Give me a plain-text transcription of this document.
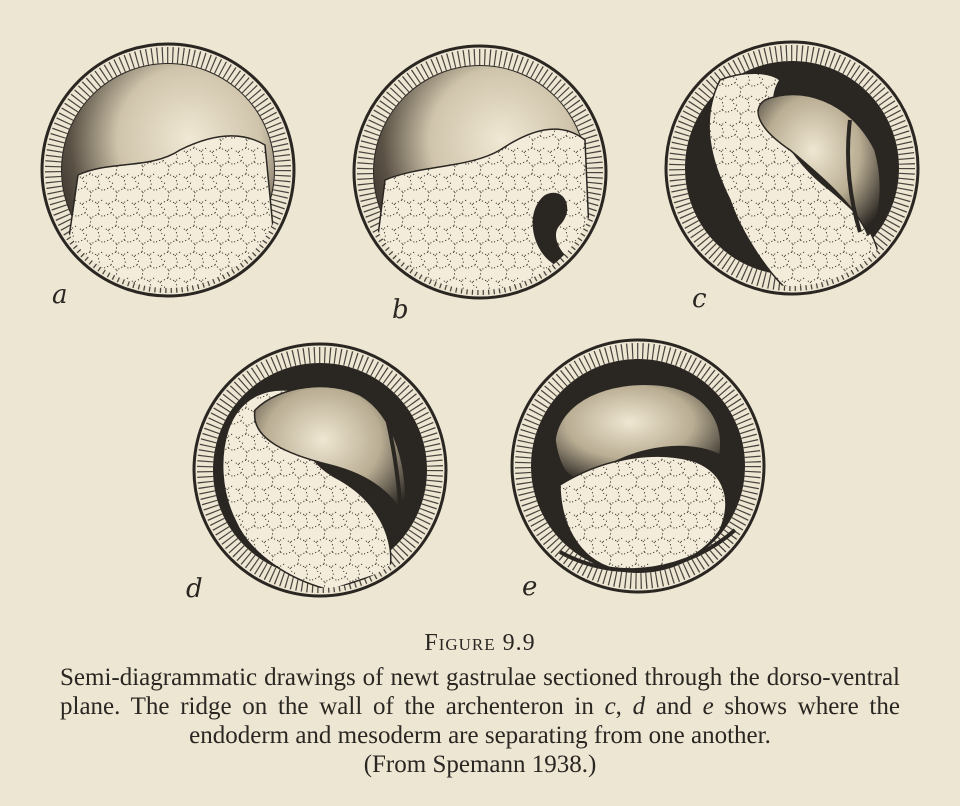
a	b	c
d	e

Figure 9.9

Semi-diagrammatic drawings of newt gastrulae sectioned through the dorso-ventral plane. The ridge on the wall of the archenteron in c, d and e shows where the endoderm and mesoderm are separating from one another.

(From Spemann 1938.)
